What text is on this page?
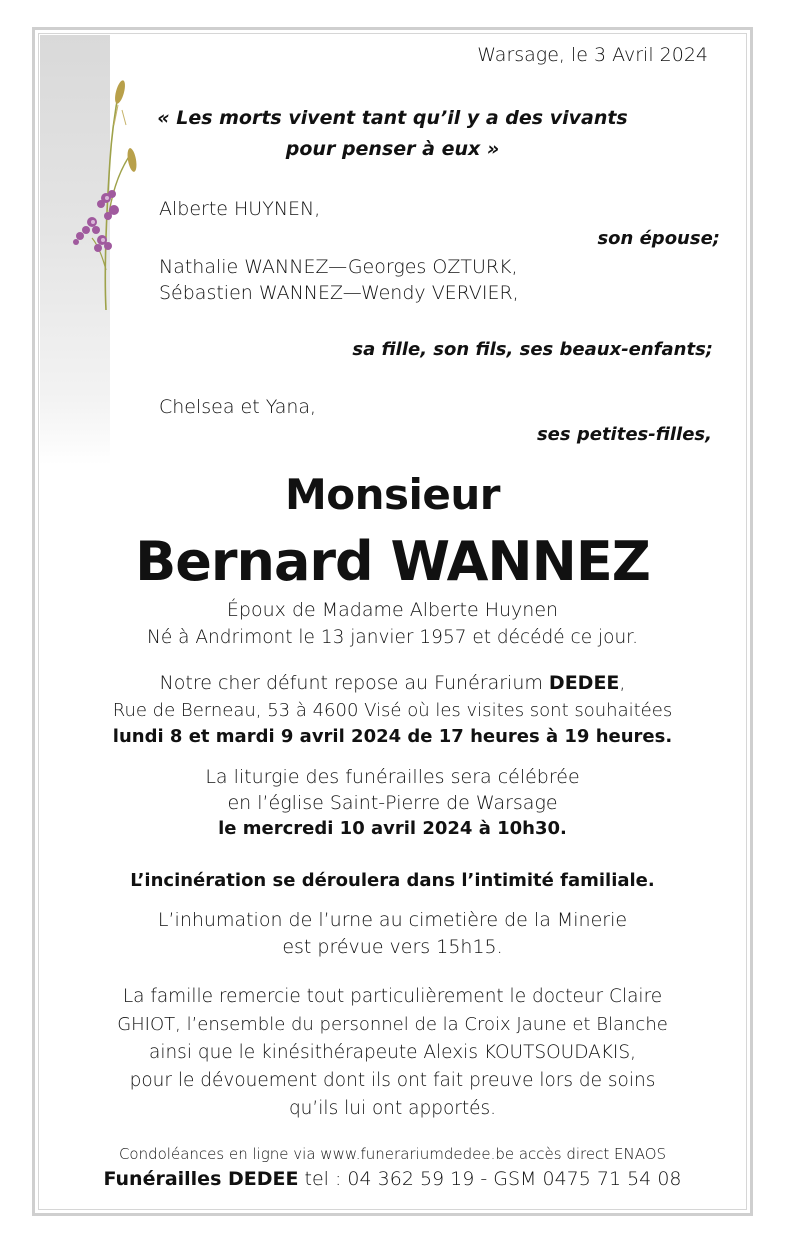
Warsage, le 3 Avril 2024
« Les morts vivent tant qu’il y a des vivants
pour penser à eux »
Alberte HUYNEN,
son épouse;
Nathalie WANNEZ—Georges OZTURK,
Sébastien WANNEZ—Wendy VERVIER,
sa fille, son fils, ses beaux-enfants;
Chelsea et Yana,
ses petites-filles,
Monsieur
Bernard WANNEZ
Époux de Madame Alberte Huynen
Né à Andrimont le 13 janvier 1957 et décédé ce jour.
Notre cher défunt repose au Funérarium DEDEE,
Rue de Berneau, 53 à 4600 Visé où les visites sont souhaitées
lundi 8 et mardi 9 avril 2024 de 17 heures à 19 heures.
La liturgie des funérailles sera célébrée
en l’église Saint-Pierre de Warsage
le mercredi 10 avril 2024 à 10h30.
L’incinération se déroulera dans l’intimité familiale.
L’inhumation de l’urne au cimetière de la Minerie
est prévue vers 15h15.
La famille remercie tout particulièrement le docteur Claire
GHIOT, l’ensemble du personnel de la Croix Jaune et Blanche
ainsi que le kinésithérapeute Alexis KOUTSOUDAKIS,
pour le dévouement dont ils ont fait preuve lors de soins
qu’ils lui ont apportés.
Condoléances en ligne via www.funerariumdedee.be accès direct ENAOS
Funérailles DEDEE tel : 04 362 59 19 - GSM 0475 71 54 08
